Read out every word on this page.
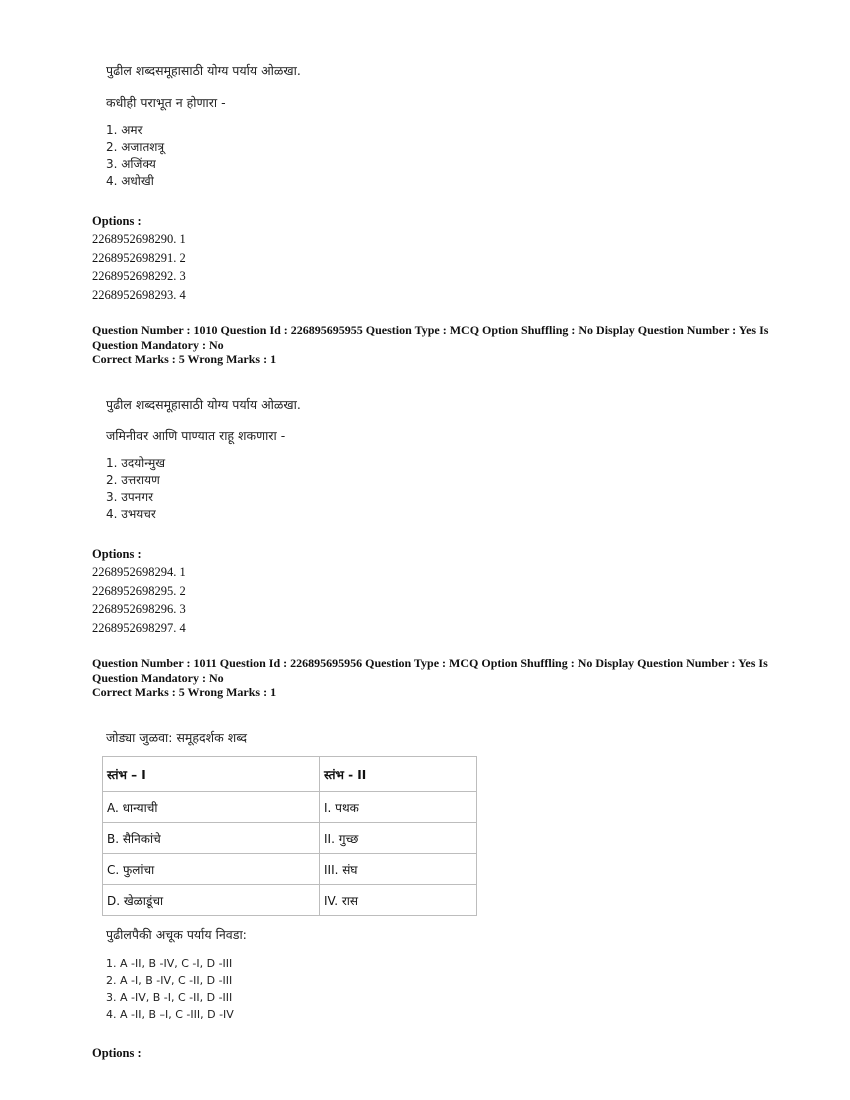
पुढील शब्दसमूहासाठी योग्य पर्याय ओळखा.
कधीही पराभूत न होणारा -
1. अमर
2. अजातशत्रू
3. अजिंक्य
4. अधोखी
Options :
2268952698290. 1
2268952698291. 2
2268952698292. 3
2268952698293. 4
Question Number : 1010 Question Id : 226895695955 Question Type : MCQ Option Shuffling : No Display Question Number : Yes Is Question Mandatory : No
Correct Marks : 5 Wrong Marks : 1
पुढील शब्दसमूहासाठी योग्य पर्याय ओळखा.
जमिनीवर आणि पाण्यात राहू शकणारा -
1. उदयोन्मुख
2. उत्तरायण
3. उपनगर
4. उभयचर
Options :
2268952698294. 1
2268952698295. 2
2268952698296. 3
2268952698297. 4
Question Number : 1011 Question Id : 226895695956 Question Type : MCQ Option Shuffling : No Display Question Number : Yes Is Question Mandatory : No
Correct Marks : 5 Wrong Marks : 1
जोड्या जुळवा: समूहदर्शक शब्द
स्तंभ – I	स्तंभ - II
A. धान्याची	I. पथक
B. सैनिकांचे	II. गुच्छ
C. फुलांचा	III. संघ
D. खेळाडूंचा	IV. रास
पुढीलपैकी अचूक पर्याय निवडा:
1. A -II, B -IV, C -I, D -III
2. A -I, B -IV, C -II, D -III
3. A -IV, B -I, C -II, D -III
4. A -II, B –I, C -III, D -IV
Options :
